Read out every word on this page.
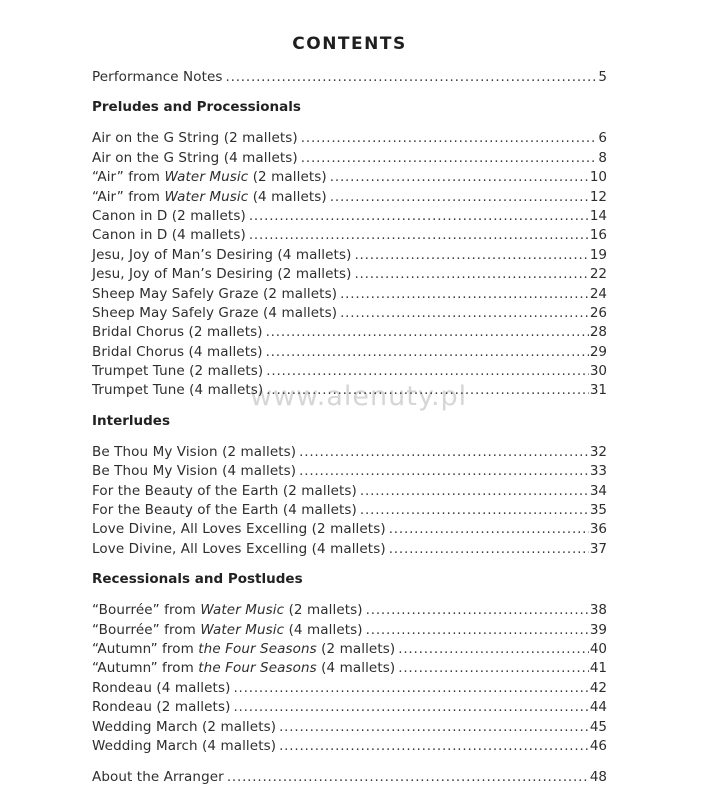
www.alenuty.pl
CONTENTS
Performance Notes .....	5
Preludes and Processionals
Air on the G String (2 mallets) .....	6
Air on the G String (4 mallets) .....	8
“Air” from Water Music (2 mallets) .....	10
“Air” from Water Music (4 mallets) .....	12
Canon in D (2 mallets) .....	14
Canon in D (4 mallets) .....	16
Jesu, Joy of Man’s Desiring (4 mallets) .....	19
Jesu, Joy of Man’s Desiring (2 mallets) .....	22
Sheep May Safely Graze (2 mallets) .....	24
Sheep May Safely Graze (4 mallets) .....	26
Bridal Chorus (2 mallets) .....	28
Bridal Chorus (4 mallets) .....	29
Trumpet Tune (2 mallets) .....	30
Trumpet Tune (4 mallets) .....	31
Interludes
Be Thou My Vision (2 mallets) .....	32
Be Thou My Vision (4 mallets) .....	33
For the Beauty of the Earth (2 mallets) .....	34
For the Beauty of the Earth (4 mallets) .....	35
Love Divine, All Loves Excelling (2 mallets) .....	36
Love Divine, All Loves Excelling (4 mallets) .....	37
Recessionals and Postludes
“Bourrée” from Water Music (2 mallets) .....	38
“Bourrée” from Water Music (4 mallets) .....	39
“Autumn” from the Four Seasons (2 mallets) .....	40
“Autumn” from the Four Seasons (4 mallets) .....	41
Rondeau (4 mallets) .....	42
Rondeau (2 mallets) .....	44
Wedding March (2 mallets) .....	45
Wedding March (4 mallets) .....	46
About the Arranger .....	48
